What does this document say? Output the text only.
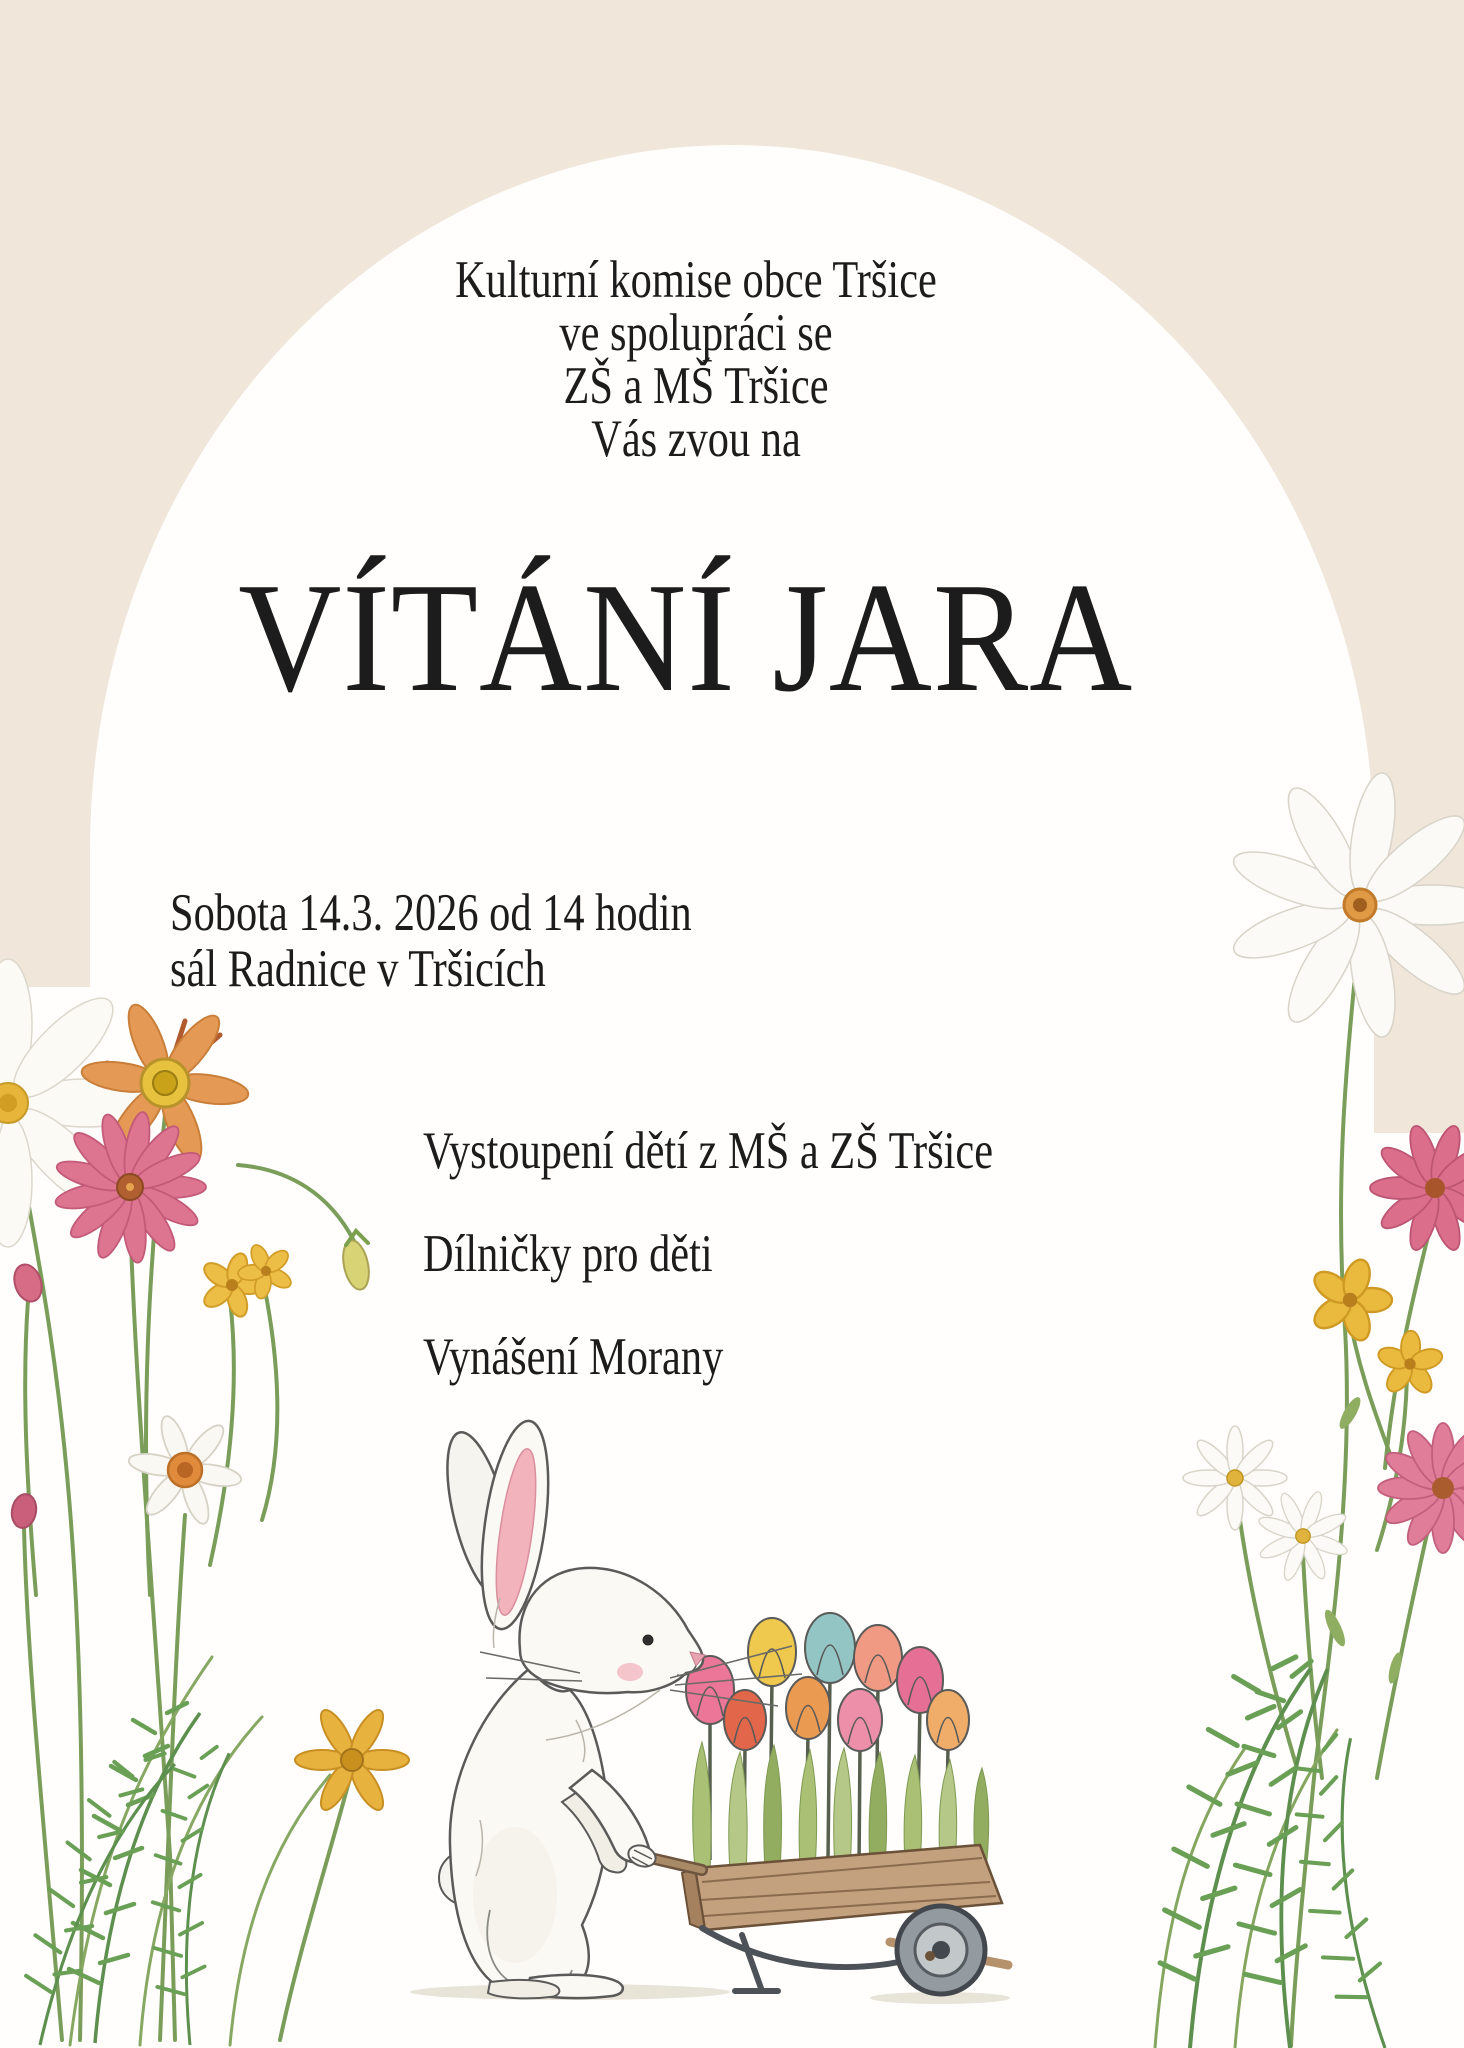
Kulturní komise obce Tršice
ve spolupráci se
ZŠ a MŠ Tršice
Vás zvou na
VÍTÁNÍ JARA
Sobota 14.3. 2026 od 14 hodin
sál Radnice v Tršicích
Vystoupení dětí z MŠ a ZŠ Tršice
Dílničky pro děti
Vynášení Morany
